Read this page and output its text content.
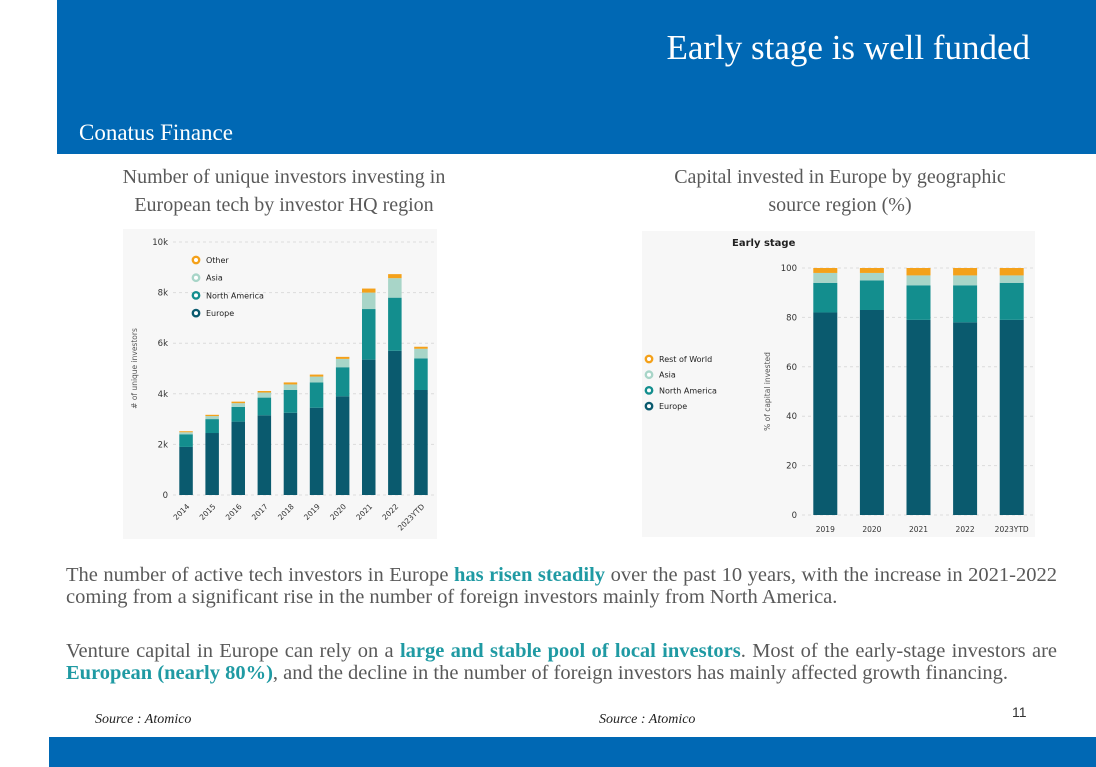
Early stage is well funded
Conatus Finance
Number of unique investors investing in
European tech by investor HQ region
Capital invested in Europe by geographic
source region (%)
0
2k
4k
6k
8k
10k
# of unique investors
2014 2015 2016 2017 2018 2019 2020 2021 2022
2023YTD
Other
Asia
North America
Europe
0
20
40
60
80
100
% of capital invested
Early stage
2019	2020	2021	2022	2023YTD
Rest of World
Asia
North America
Europe
The number of active tech investors in Europe has risen steadily over the past 10 years, with the increase in 2021-2022 coming from a significant rise in the number of foreign investors mainly from North America.
Venture capital in Europe can rely on a large and stable pool of local investors. Most of the early-stage investors are European (nearly 80%), and the decline in the number of foreign investors has mainly affected growth financing.
Source : Atomico	Source : Atomico	11
